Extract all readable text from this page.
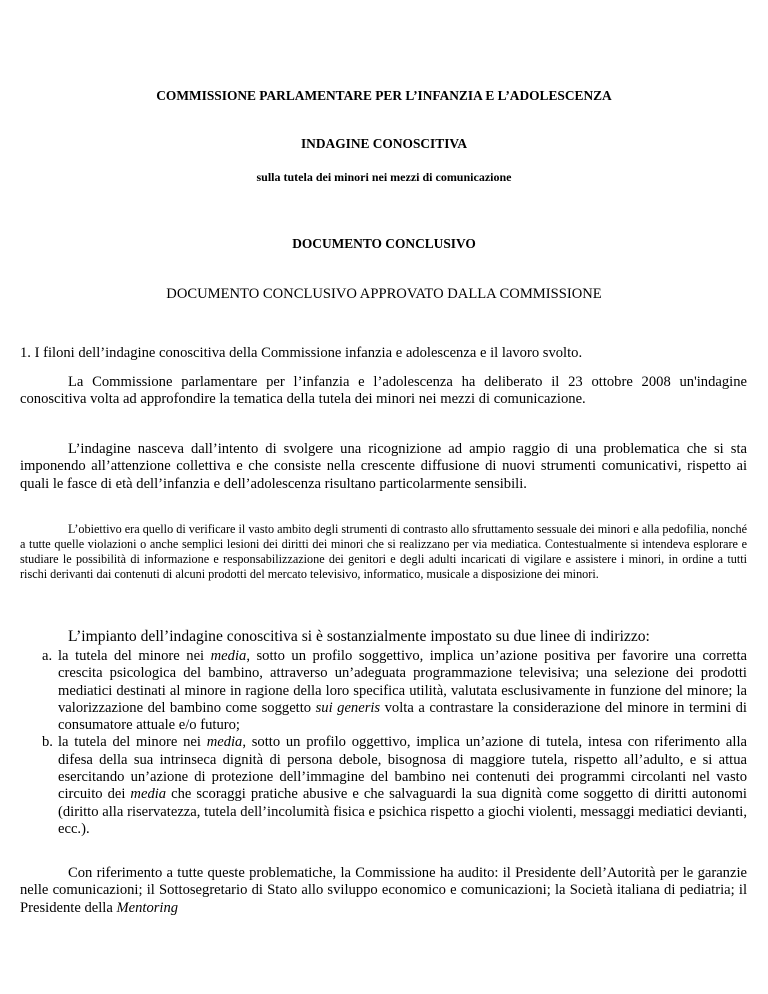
COMMISSIONE PARLAMENTARE PER L’INFANZIA E L’ADOLESCENZA
INDAGINE CONOSCITIVA
sulla tutela dei minori nei mezzi di comunicazione
DOCUMENTO CONCLUSIVO
DOCUMENTO CONCLUSIVO APPROVATO DALLA COMMISSIONE
1. I filoni dell’indagine conoscitiva della Commissione infanzia e adolescenza e il lavoro svolto.

La Commissione parlamentare per l’infanzia e l’adolescenza ha deliberato il 23 ottobre 2008 un'indagine conoscitiva volta ad approfondire la tematica della tutela dei minori nei mezzi di comunicazione.

L’indagine nasceva dall’intento di svolgere una ricognizione ad ampio raggio di una problematica che si sta imponendo all’attenzione collettiva e che consiste nella crescente diffusione di nuovi strumenti comunicativi, rispetto ai quali le fasce di età dell’infanzia e dell’adolescenza risultano particolarmente sensibili.

L’obiettivo era quello di verificare il vasto ambito degli strumenti di contrasto allo sfruttamento sessuale dei minori e alla pedofilia, nonché a tutte quelle violazioni o anche semplici lesioni dei diritti dei minori che si realizzano per via mediatica. Contestualmente si intendeva esplorare e studiare le possibilità di informazione e responsabilizzazione dei genitori e degli adulti incaricati di vigilare e assistere i minori, in ordine a tutti rischi derivanti dai contenuti di alcuni prodotti del mercato televisivo, informatico, musicale a disposizione dei minori.

L’impianto dell’indagine conoscitiva si è sostanzialmente impostato su due linee di indirizzo:

a. la tutela del minore nei media, sotto un profilo soggettivo, implica un’azione positiva per favorire una corretta crescita psicologica del bambino, attraverso un’adeguata programmazione televisiva; una selezione dei prodotti mediatici destinati al minore in ragione della loro specifica utilità, valutata esclusivamente in funzione del minore; la valorizzazione del bambino come soggetto sui generis volta a contrastare la considerazione del minore in termini di consumatore attuale e/o futuro;
b. la tutela del minore nei media, sotto un profilo oggettivo, implica un’azione di tutela, intesa con riferimento alla difesa della sua intrinseca dignità di persona debole, bisognosa di maggiore tutela, rispetto all’adulto, e si attua esercitando un’azione di protezione dell’immagine del bambino nei contenuti dei programmi circolanti nel vasto circuito dei media che scoraggi pratiche abusive e che salvaguardi la sua dignità come soggetto di diritti autonomi (diritto alla riservatezza, tutela dell’incolumità fisica e psichica rispetto a giochi violenti, messaggi mediatici devianti, ecc.).

Con riferimento a tutte queste problematiche, la Commissione ha audito: il Presidente dell’Autorità per le garanzie nelle comunicazioni; il Sottosegretario di Stato allo sviluppo economico e comunicazioni; la Società italiana di pediatria; il Presidente della Mentoring
